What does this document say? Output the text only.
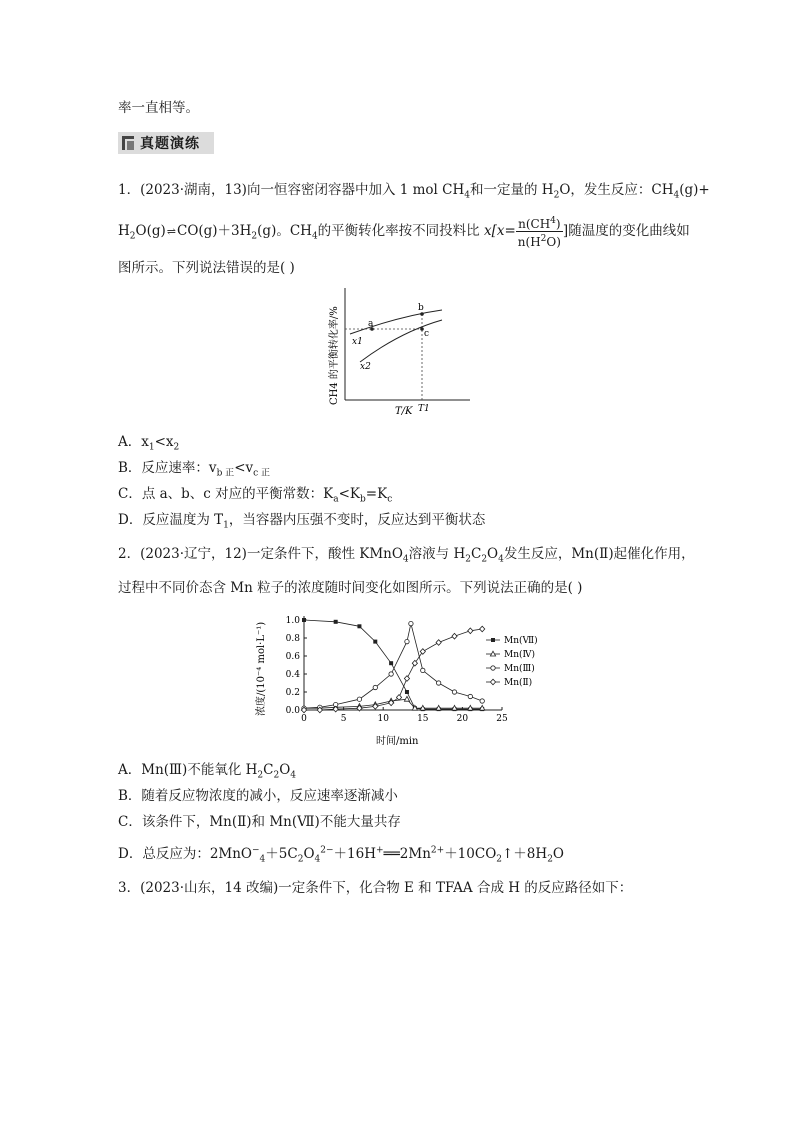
率一直相等。
真题演练
1．(2023·湖南，13)向一恒容密闭容器中加入 1 mol $CH_4$和一定量的 $H_2O$，发生反应：$CH_4(g)+$
$H_2O(g)\rightleftharpoons CO(g)+3H_2(g)$。$CH_4$的平衡转化率按不同投料比 $x[x= \frac{n(CH^4)}{n(H^2O)}$ ]随温度的变化曲线如
图所示。下列说法错误的是( )
CH4 的平衡转化率/%	a
b
c
x1
x2
T/K T1
A．$x_1<x_2$
B．反应速率：$v_{b 正}<v_{c 正}$
C．点 a、b、c 对应的平衡常数：$K_a<K_b=K_c$
D．反应温度为 $T_1$，当容器内压强不变时，反应达到平衡状态
2．(2023·辽宁，12)一定条件下，酸性 KMnO$_4$溶液与 $H_2C_2O_4$发生反应，Mn(Ⅱ)起催化作用，
过程中不同价态含 Mn 粒子的浓度随时间变化如图所示。下列说法正确的是( )
浓度/(10⁻⁴ mol·L⁻¹)
时间/min
0.0
0.2
0.4
0.6
0.8
1.0
0	5	10	15	20	25
Mn(Ⅶ)
Mn(Ⅳ)
Mn(Ⅲ)
Mn(Ⅱ)
A．Mn(Ⅲ)不能氧化 $H_2C_2O_4$
B．随着反应物浓度的减小，反应速率逐渐减小
C．该条件下，Mn(Ⅱ)和 Mn(Ⅶ)不能大量共存
D．总反应为：$2MnO^-_4+5C_2O_4^{2-}+16H^+══2Mn^{2+}+10CO_2↑+8H_2O$
3．(2023·山东，14 改编)一定条件下，化合物 E 和 TFAA 合成 H 的反应路径如下：
